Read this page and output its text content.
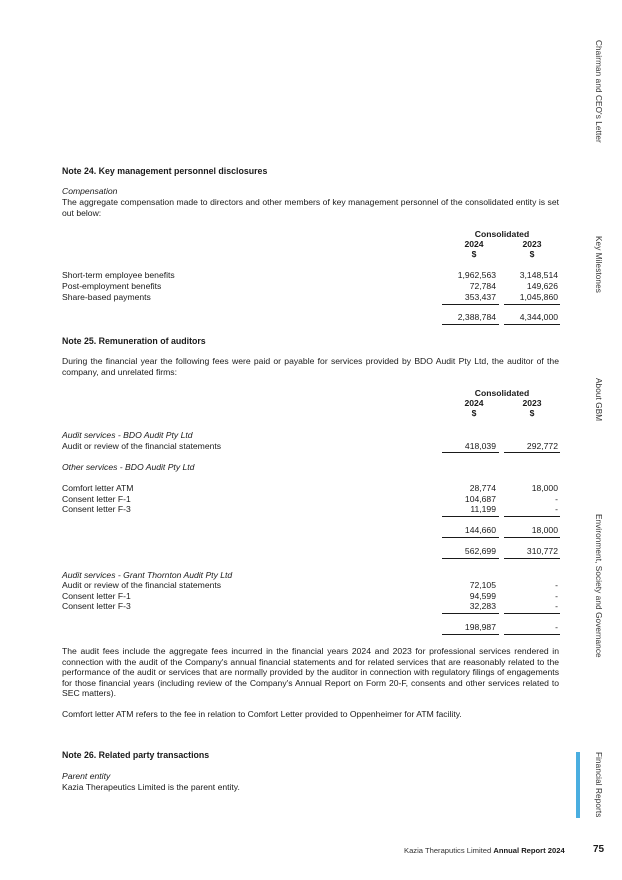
Chairman and CEO's Letter
Key Milestones
About GBM
Environment, Society and Governance
Financial Reports
Note 24. Key management personnel disclosures
Compensation
The aggregate compensation made to directors and other members of key management personnel of the consolidated entity is set out below:
Consolidated
2024	2023
$	$
Short-term employee benefits	1,962,563	3,148,514
Post-employment benefits	72,784	149,626
Share-based payments	353,437	1,045,860
2,388,784	4,344,000
Note 25. Remuneration of auditors
During the financial year the following fees were paid or payable for services provided by BDO Audit Pty Ltd, the auditor of the company, and unrelated firms:
Consolidated
2024	2023
$	$
Audit services - BDO Audit Pty Ltd
Audit or review of the financial statements	418,039	292,772
Other services - BDO Audit Pty Ltd
Comfort letter ATM	28,774	18,000
Consent letter F-1	104,687	-
Consent letter F-3	11,199	-
144,660	18,000
562,699	310,772
Audit services - Grant Thornton Audit Pty Ltd
Audit or review of the financial statements	72,105	-
Consent letter F-1	94,599	-
Consent letter F-3	32,283	-
198,987	-
The audit fees include the aggregate fees incurred in the financial years 2024 and 2023 for professional services rendered in connection with the audit of the Company's annual financial statements and for related services that are reasonably related to the performance of the audit or services that are normally provided by the auditor in connection with regulatory filings of engagements for those financial years (including review of the Company's Annual Report on Form 20-F, consents and other services related to SEC matters).
Comfort letter ATM refers to the fee in relation to Comfort Letter provided to Oppenheimer for ATM facility.
Note 26. Related party transactions
Parent entity
Kazia Therapeutics Limited is the parent entity.
Kazia Theraputics Limited Annual Report 2024	75
